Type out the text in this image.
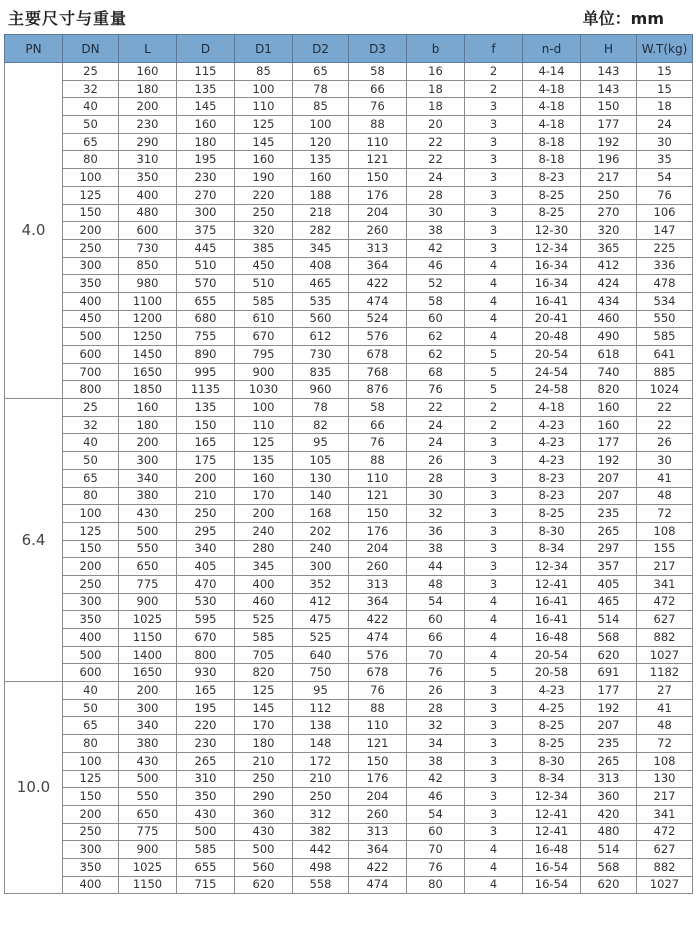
主要尺寸与重量	单位：mm
PN	DN	L	D	D1	D2	D3	b	f	n-d	H	W.T(kg)
4.0	25	160	115	85	65	58	16	2	4-14	143	15
	32	180	135	100	78	66	18	2	4-18	143	15
	40	200	145	110	85	76	18	3	4-18	150	18
	50	230	160	125	100	88	20	3	4-18	177	24
	65	290	180	145	120	110	22	3	8-18	192	30
	80	310	195	160	135	121	22	3	8-18	196	35
	100	350	230	190	160	150	24	3	8-23	217	54
	125	400	270	220	188	176	28	3	8-25	250	76
	150	480	300	250	218	204	30	3	8-25	270	106
	200	600	375	320	282	260	38	3	12-30	320	147
	250	730	445	385	345	313	42	3	12-34	365	225
	300	850	510	450	408	364	46	4	16-34	412	336
	350	980	570	510	465	422	52	4	16-34	424	478
	400	1100	655	585	535	474	58	4	16-41	434	534
	450	1200	680	610	560	524	60	4	20-41	460	550
	500	1250	755	670	612	576	62	4	20-48	490	585
	600	1450	890	795	730	678	62	5	20-54	618	641
	700	1650	995	900	835	768	68	5	24-54	740	885
	800	1850	1135	1030	960	876	76	5	24-58	820	1024
6.4	25	160	135	100	78	58	22	2	4-18	160	22
	32	180	150	110	82	66	24	2	4-23	160	22
	40	200	165	125	95	76	24	3	4-23	177	26
	50	300	175	135	105	88	26	3	4-23	192	30
	65	340	200	160	130	110	28	3	8-23	207	41
	80	380	210	170	140	121	30	3	8-23	207	48
	100	430	250	200	168	150	32	3	8-25	235	72
	125	500	295	240	202	176	36	3	8-30	265	108
	150	550	340	280	240	204	38	3	8-34	297	155
	200	650	405	345	300	260	44	3	12-34	357	217
	250	775	470	400	352	313	48	3	12-41	405	341
	300	900	530	460	412	364	54	4	16-41	465	472
	350	1025	595	525	475	422	60	4	16-41	514	627
	400	1150	670	585	525	474	66	4	16-48	568	882
	500	1400	800	705	640	576	70	4	20-54	620	1027
	600	1650	930	820	750	678	76	5	20-58	691	1182
10.0	40	200	165	125	95	76	26	3	4-23	177	27
	50	300	195	145	112	88	28	3	4-25	192	41
	65	340	220	170	138	110	32	3	8-25	207	48
	80	380	230	180	148	121	34	3	8-25	235	72
	100	430	265	210	172	150	38	3	8-30	265	108
	125	500	310	250	210	176	42	3	8-34	313	130
	150	550	350	290	250	204	46	3	12-34	360	217
	200	650	430	360	312	260	54	3	12-41	420	341
	250	775	500	430	382	313	60	3	12-41	480	472
	300	900	585	500	442	364	70	4	16-48	514	627
	350	1025	655	560	498	422	76	4	16-54	568	882
	400	1150	715	620	558	474	80	4	16-54	620	1027
